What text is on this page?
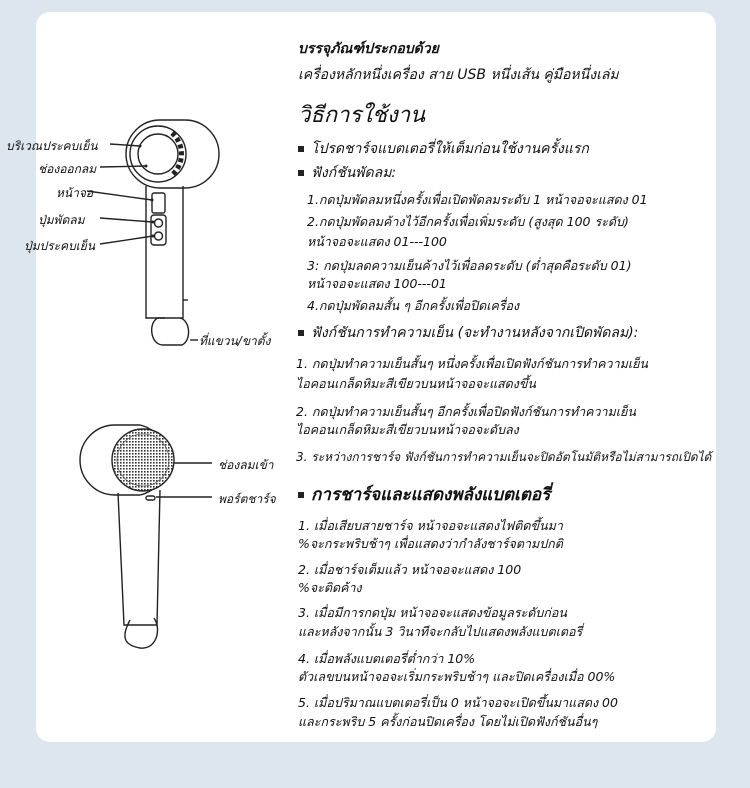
บริเวณประคบเย็น
ช่องออกลม
หน้าจอ
ปุ่มพัดลม
ปุ่มประคบเย็น
ที่แขวน/ขาตั้ง
ช่องลมเข้า
พอร์ตชาร์จ
บรรจุภัณฑ์ประกอบด้วย
เครื่องหลักหนึ่งเครื่อง สาย USB หนึ่งเส้น คู่มือหนึ่งเล่ม
วิธีการใช้งาน
โปรดชาร์จแบตเตอรี่ให้เต็มก่อนใช้งานครั้งแรก
ฟังก์ชันพัดลม:
1.กดปุ่มพัดลมหนึ่งครั้งเพื่อเปิดพัดลมระดับ 1 หน้าจอจะแสดง 01
2.กดปุ่มพัดลมค้างไว้อีกครั้งเพื่อเพิ่มระดับ (สูงสุด 100 ระดับ)
หน้าจอจะแสดง 01---100
3: กดปุ่มลดความเย็นค้างไว้เพื่อลดระดับ (ต่ำสุดคือระดับ 01)
หน้าจอจะแสดง 100---01
4.กดปุ่มพัดลมสั้น ๆ อีกครั้งเพื่อปิดเครื่อง
ฟังก์ชันการทำความเย็น (จะทำงานหลังจากเปิดพัดลม):
1. กดปุ่มทำความเย็นสั้นๆ หนึ่งครั้งเพื่อเปิดฟังก์ชันการทำความเย็น
ไอคอนเกล็ดหิมะสีเขียวบนหน้าจอจะแสดงขึ้น
2. กดปุ่มทำความเย็นสั้นๆ อีกครั้งเพื่อปิดฟังก์ชันการทำความเย็น
ไอคอนเกล็ดหิมะสีเขียวบนหน้าจอจะดับลง
3. ระหว่างการชาร์จ ฟังก์ชันการทำความเย็นจะปิดอัตโนมัติหรือไม่สามารถเปิดได้
การชาร์จและแสดงพลังแบตเตอรี่
1. เมื่อเสียบสายชาร์จ หน้าจอจะแสดงไฟติดขึ้นมา
%จะกระพริบช้าๆ เพื่อแสดงว่ากำลังชาร์จตามปกติ
2. เมื่อชาร์จเต็มแล้ว หน้าจอจะแสดง 100
%จะติดค้าง
3. เมื่อมีการกดปุ่ม หน้าจอจะแสดงข้อมูลระดับก่อน
และหลังจากนั้น 3 วินาทีจะกลับไปแสดงพลังแบตเตอรี่
4. เมื่อพลังแบตเตอรี่ต่ำกว่า 10%
ตัวเลขบนหน้าจอจะเริ่มกระพริบช้าๆ และปิดเครื่องเมื่อ 00%
5. เมื่อปริมาณแบตเตอรี่เป็น 0 หน้าจอจะเปิดขึ้นมาแสดง 00
และกระพริบ 5 ครั้งก่อนปิดเครื่อง โดยไม่เปิดฟังก์ชันอื่นๆ
